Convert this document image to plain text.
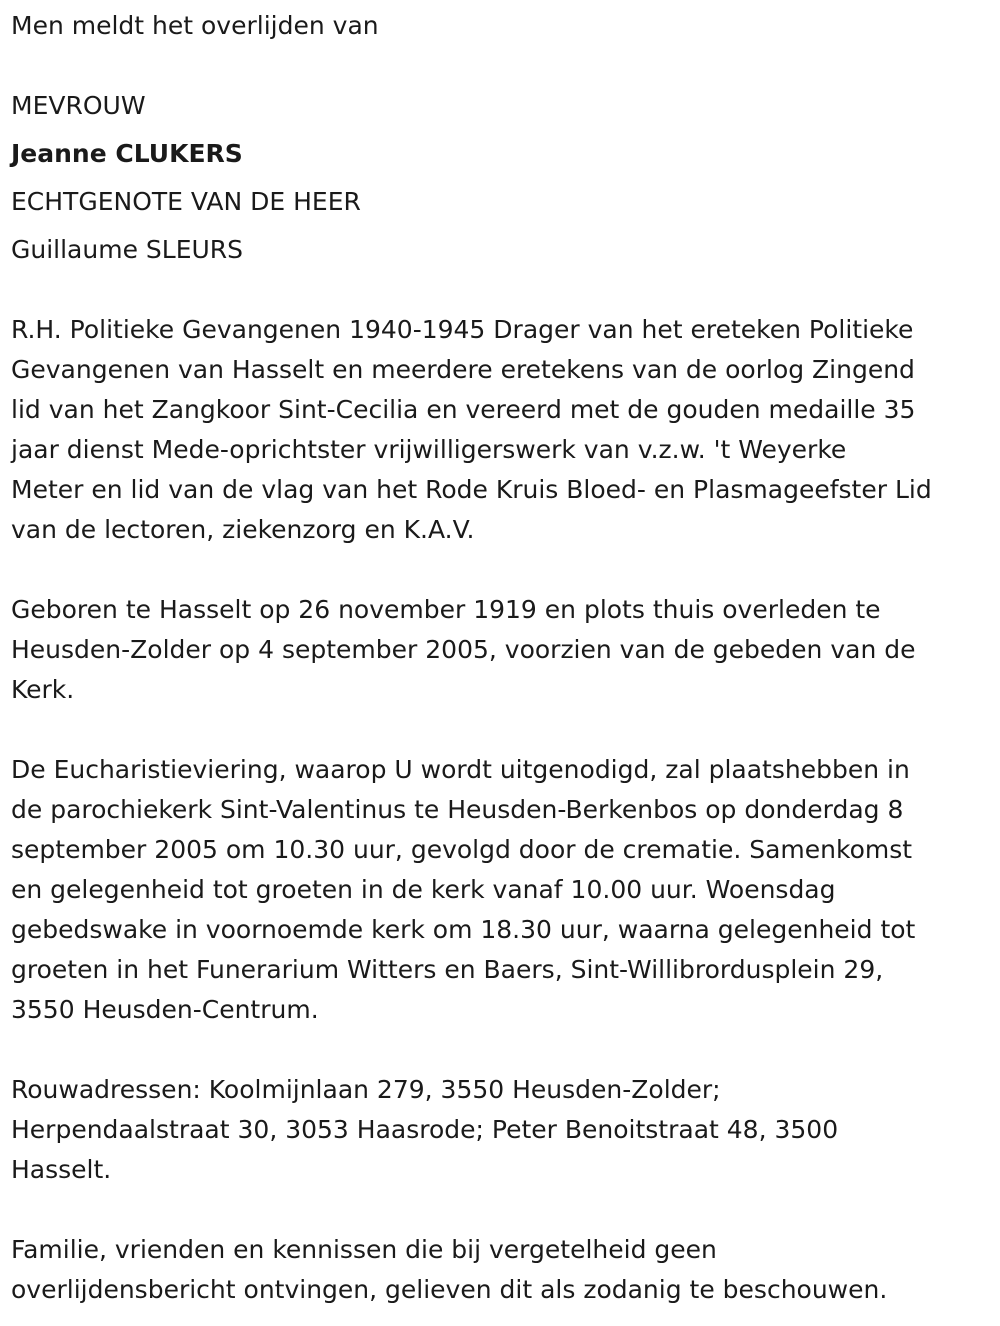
Men meldt het overlijden van

MEVROUW

Jeanne CLUKERS

ECHTGENOTE VAN DE HEER

Guillaume SLEURS

R.H. Politieke Gevangenen 1940-1945 Drager van het ereteken Politieke
Gevangenen van Hasselt en meerdere eretekens van de oorlog Zingend
lid van het Zangkoor Sint-Cecilia en vereerd met de gouden medaille 35
jaar dienst Mede-oprichtster vrijwilligerswerk van v.z.w. 't Weyerke
Meter en lid van de vlag van het Rode Kruis Bloed- en Plasmageefster Lid
van de lectoren, ziekenzorg en K.A.V.

Geboren te Hasselt op 26 november 1919 en plots thuis overleden te
Heusden-Zolder op 4 september 2005, voorzien van de gebeden van de
Kerk.

De Eucharistieviering, waarop U wordt uitgenodigd, zal plaatshebben in
de parochiekerk Sint-Valentinus te Heusden-Berkenbos op donderdag 8
september 2005 om 10.30 uur, gevolgd door de crematie. Samenkomst
en gelegenheid tot groeten in de kerk vanaf 10.00 uur. Woensdag
gebedswake in voornoemde kerk om 18.30 uur, waarna gelegenheid tot
groeten in het Funerarium Witters en Baers, Sint-Willibrordusplein 29,
3550 Heusden-Centrum.

Rouwadressen: Koolmijnlaan 279, 3550 Heusden-Zolder;
Herpendaalstraat 30, 3053 Haasrode; Peter Benoitstraat 48, 3500
Hasselt.

Familie, vrienden en kennissen die bij vergetelheid geen
overlijdensbericht ontvingen, gelieven dit als zodanig te beschouwen.
